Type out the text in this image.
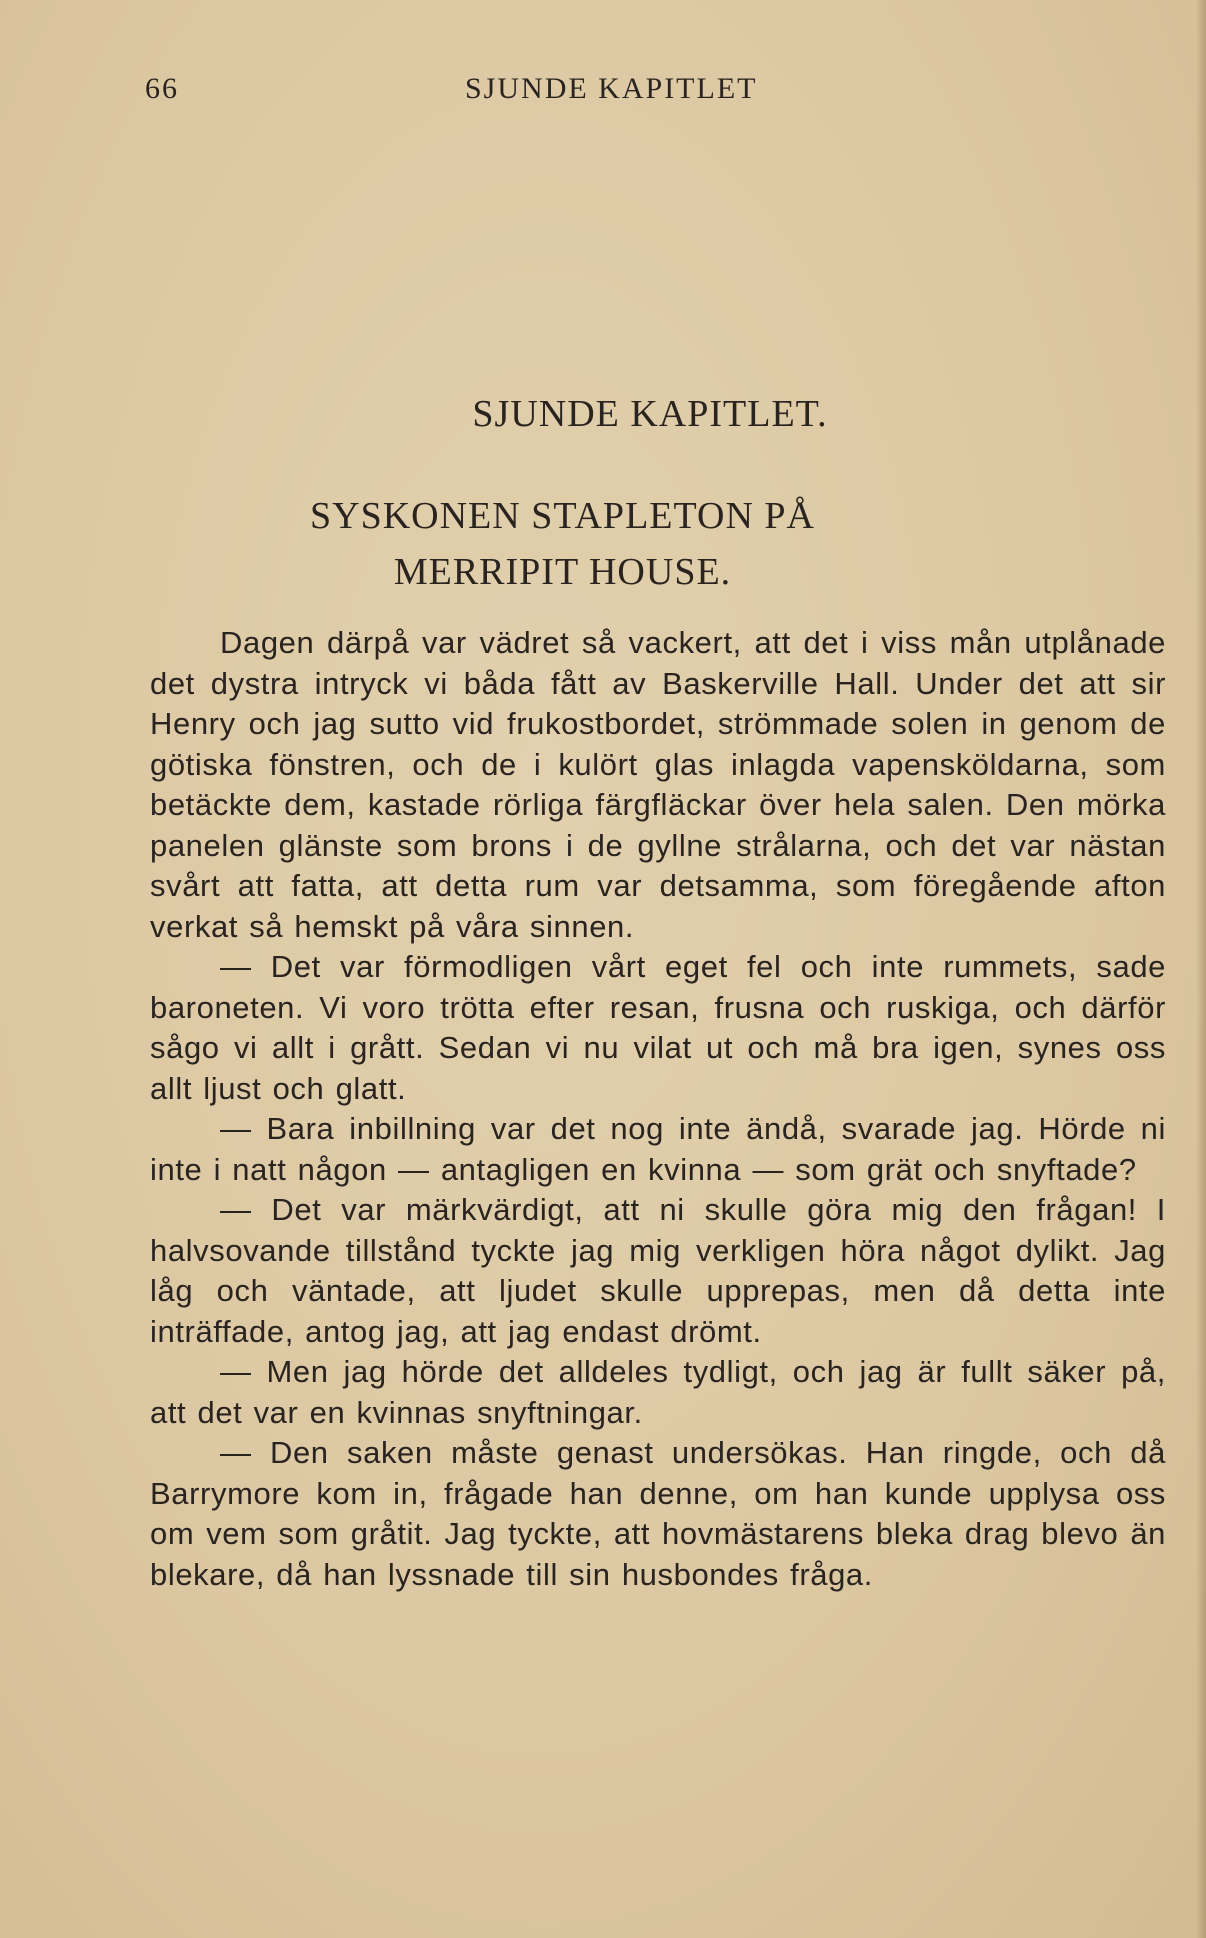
66	SJUNDE KAPITLET
SJUNDE KAPITLET.
SYSKONEN STAPLETON PÅ
MERRIPIT HOUSE.

Dagen därpå var vädret så vackert, att det i viss mån utplånade det dystra intryck vi båda fått av Baskerville Hall. Under det att sir Henry och jag sutto vid frukostbordet, strömmade solen in genom de götiska fönstren, och de i kulört glas inlagda vapensköldarna, som betäckte dem, kastade rörliga färgfläckar över hela salen. Den mörka panelen glänste som brons i de gyllne strålarna, och det var nästan svårt att fatta, att detta rum var detsamma, som föregående afton verkat så hemskt på våra sinnen.

— Det var förmodligen vårt eget fel och inte rummets, sade baroneten. Vi voro trötta efter resan, frusna och ruskiga, och därför sågo vi allt i grått. Sedan vi nu vilat ut och må bra igen, synes oss allt ljust och glatt.

— Bara inbillning var det nog inte ändå, svarade jag. Hörde ni inte i natt någon — antagligen en kvinna — som grät och snyftade?

— Det var märkvärdigt, att ni skulle göra mig den frågan! I halvsovande tillstånd tyckte jag mig verkligen höra något dylikt. Jag låg och väntade, att ljudet skulle upprepas, men då detta inte inträffade, antog jag, att jag endast drömt.

— Men jag hörde det alldeles tydligt, och jag är fullt säker på, att det var en kvinnas snyftningar.

— Den saken måste genast undersökas. Han ringde, och då Barrymore kom in, frågade han denne, om han kunde upplysa oss om vem som gråtit. Jag tyckte, att hovmästarens bleka drag blevo än blekare, då han lyssnade till sin husbondes fråga.
